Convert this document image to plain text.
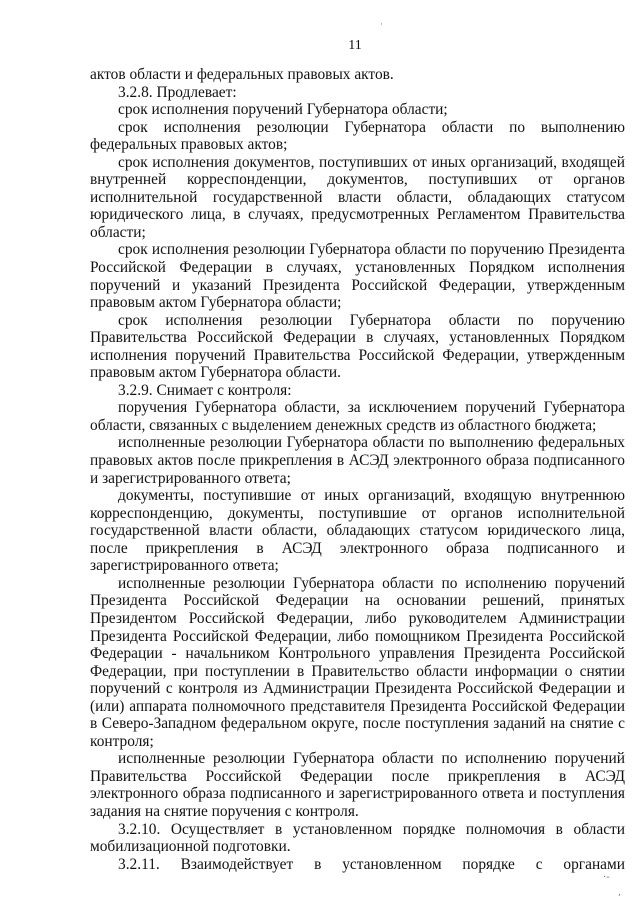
·
11

актов области и федеральных правовых актов.

3.2.8. Продлевает:

срок исполнения поручений Губернатора области;

срок исполнения резолюции Губернатора области по выполнению федеральных правовых актов;

срок исполнения документов, поступивших от иных организаций, входящей внутренней корреспонденции, документов, поступивших от органов исполнительной государственной власти области, обладающих статусом юридического лица, в случаях, предусмотренных Регламентом Правительства области;

срок исполнения резолюции Губернатора области по поручению Президента Российской Федерации в случаях, установленных Порядком исполнения поручений и указаний Президента Российской Федерации, утвержденным правовым актом Губернатора области;

срок исполнения резолюции Губернатора области по поручению Правительства Российской Федерации в случаях, установленных Порядком исполнения поручений Правительства Российской Федерации, утвержденным правовым актом Губернатора области.

3.2.9. Снимает с контроля:

поручения Губернатора области, за исключением поручений Губернатора области, связанных с выделением денежных средств из областного бюджета;

исполненные резолюции Губернатора области по выполнению федеральных правовых актов после прикрепления в АСЭД электронного образа подписанного и зарегистрированного ответа;

документы, поступившие от иных организаций, входящую внутреннюю корреспонденцию, документы, поступившие от органов исполнительной государственной власти области, обладающих статусом юридического лица, после прикрепления в АСЭД электронного образа подписанного и зарегистрированного ответа;

исполненные резолюции Губернатора области по исполнению поручений Президента Российской Федерации на основании решений, принятых Президентом Российской Федерации, либо руководителем Администрации Президента Российской Федерации, либо помощником Президента Российской Федерации - начальником Контрольного управления Президента Российской Федерации, при поступлении в Правительство области информации о снятии поручений с контроля из Администрации Президента Российской Федерации и (или) аппарата полномочного представителя Президента Российской Федерации в Северо-Западном федеральном округе, после поступления заданий на снятие с контроля;

исполненные резолюции Губернатора области по исполнению поручений Правительства Российской Федерации после прикрепления в АСЭД электронного образа подписанного и зарегистрированного ответа и поступления задания на снятие поручения с контроля.

3.2.10. Осуществляет в установленном порядке полномочия в области мобилизационной подготовки.

3.2.11. Взаимодействует в установленном порядке с органами

·-
,
